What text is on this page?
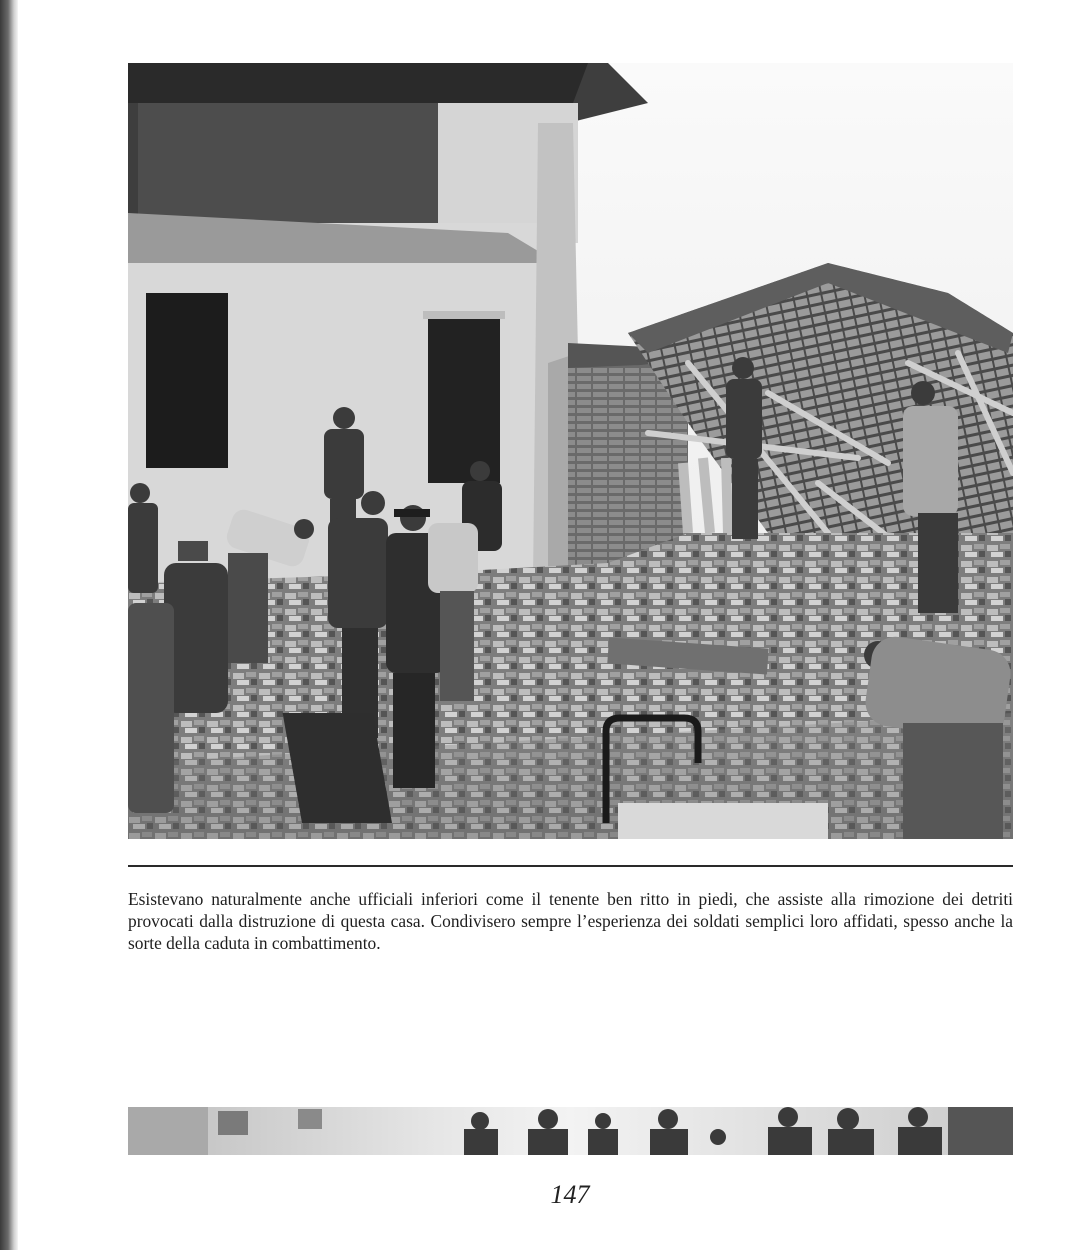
Esistevano naturalmente anche ufficiali inferiori come il tenente ben ritto in piedi, che assiste alla rimozione dei detriti provocati dalla distruzione di questa casa. Condivisero sempre l’esperienza dei soldati semplici loro affidati, spesso anche la sorte della caduta in combattimento.

147
